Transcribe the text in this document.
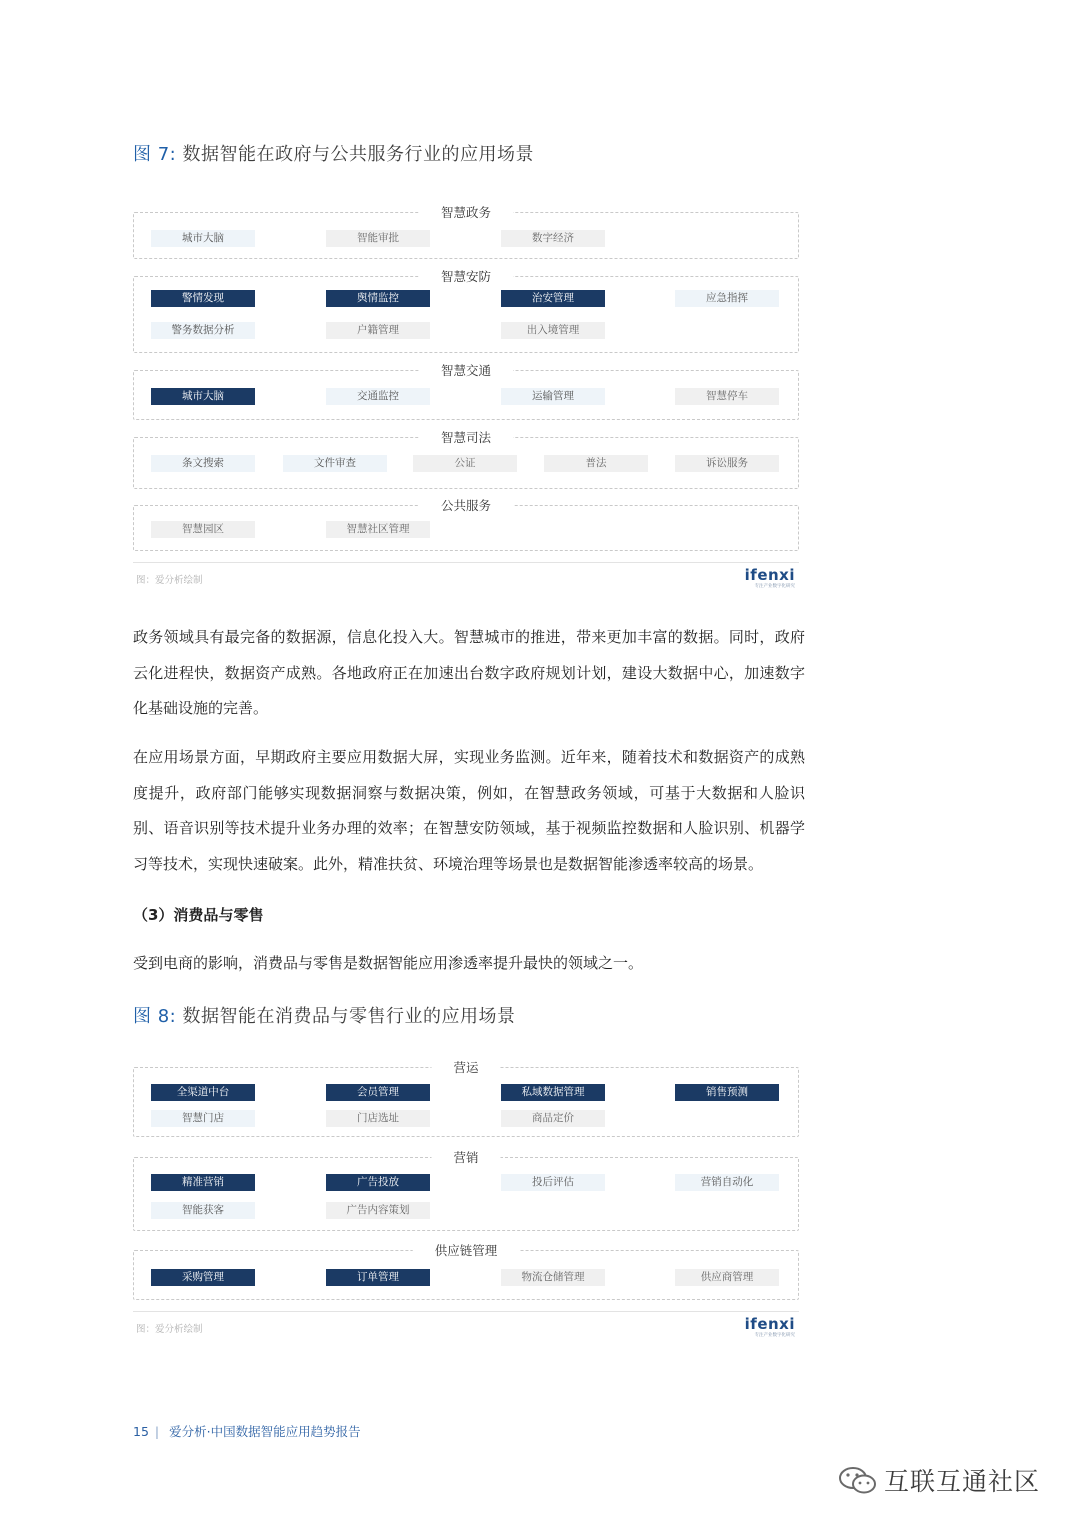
图 7: 数据智能在政府与公共服务行业的应用场景
智慧政务
城市大脑	智能审批	数字经济
智慧安防
警情发现	舆情监控	治安管理	应急指挥
警务数据分析	户籍管理	出入境管理
智慧交通
城市大脑	交通监控	运输管理	智慧停车
智慧司法
条文搜索	文件审查	公证	普法	诉讼服务
公共服务
智慧园区	智慧社区管理
图：爱分析绘制	ifenxi
专注产业数字化研究

政务领域具有最完备的数据源，信息化投入大。智慧城市的推进，带来更加丰富的数据。同时，政府云化进程快，数据资产成熟。各地政府正在加速出台数字政府规划计划，建设大数据中心，加速数字化基础设施的完善。

在应用场景方面，早期政府主要应用数据大屏，实现业务监测。近年来，随着技术和数据资产的成熟度提升，政府部门能够实现数据洞察与数据决策，例如，在智慧政务领域，可基于大数据和人脸识别、语音识别等技术提升业务办理的效率；在智慧安防领域，基于视频监控数据和人脸识别、机器学习等技术，实现快速破案。此外，精准扶贫、环境治理等场景也是数据智能渗透率较高的场景。

（3）消费品与零售

受到电商的影响，消费品与零售是数据智能应用渗透率提升最快的领域之一。

图 8: 数据智能在消费品与零售行业的应用场景
营运
全渠道中台	会员管理	私域数据管理	销售预测
智慧门店	门店选址	商品定价
营销
精准营销	广告投放	投后评估	营销自动化
智能获客	广告内容策划
供应链管理
采购管理	订单管理	物流仓储管理	供应商管理
图：爱分析绘制	ifenxi
专注产业数字化研究
15 | 爱分析·中国数据智能应用趋势报告
互联互通社区
